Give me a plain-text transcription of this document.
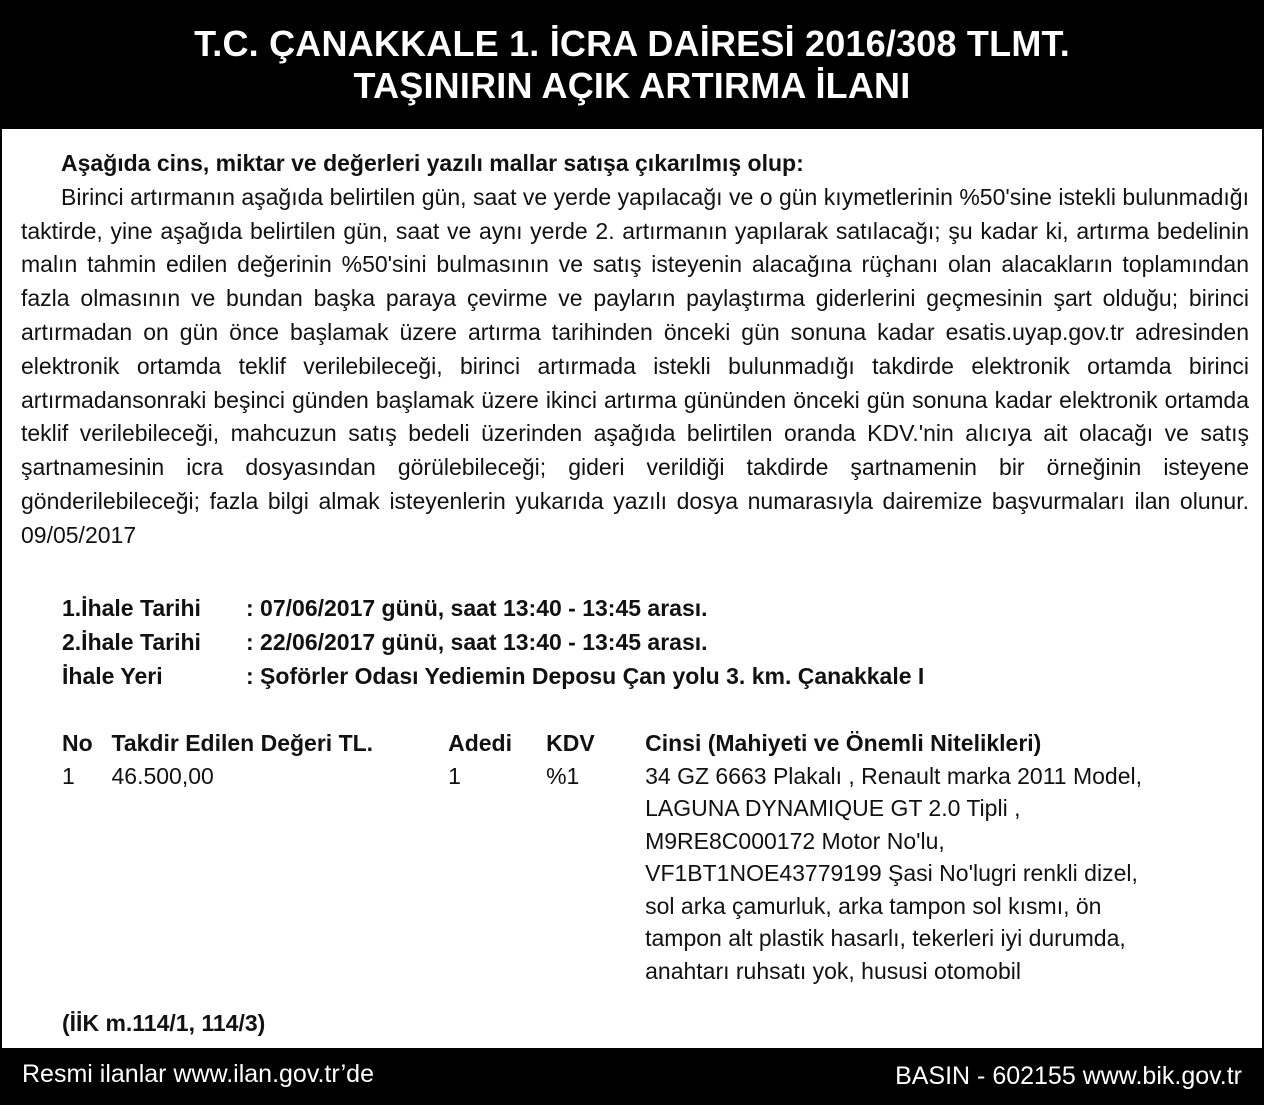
T.C. ÇANAKKALE 1. İCRA DAİRESİ 2016/308 TLMT.
TAŞINIRIN AÇIK ARTIRMA İLANI

Aşağıda cins, miktar ve değerleri yazılı mallar satışa çıkarılmış olup:

Birinci artırmanın aşağıda belirtilen gün, saat ve yerde yapılacağı ve o gün kıymetlerinin %50'sine istekli bulunmadığı taktirde, yine aşağıda belirtilen gün, saat ve aynı yerde 2. artırmanın yapılarak satılacağı; şu kadar ki, artırma bedelinin malın tahmin edilen değerinin %50'sini bulmasının ve satış isteyenin alacağına rüçhanı olan alacakların toplamından fazla olmasının ve bundan başka paraya çevirme ve payların paylaştırma giderlerini geçmesinin şart olduğu; birinci artırmadan on gün önce başlamak üzere artırma tarihinden önceki gün sonuna kadar esatis.uyap.gov.tr adresinden elektronik ortamda teklif verilebileceği, birinci artırmada istekli bulunmadığı takdirde elektronik ortamda birinci artırmadansonraki beşinci günden başlamak üzere ikinci artırma gününden önceki gün sonuna kadar elektronik ortamda teklif verilebileceği, mahcuzun satış bedeli üzerinden aşağıda belirtilen oranda KDV.'nin alıcıya ait olacağı ve satış şartnamesinin icra dosyasından görülebileceği; gideri verildiği takdirde şartnamenin bir örneğinin isteyene gönderilebileceği; fazla bilgi almak isteyenlerin yukarıda yazılı dosya numarasıyla dairemize başvurmaları ilan olunur. 09/05/2017

1.İhale Tarihi	: 07/06/2017 günü, saat 13:40 - 13:45 arası.
2.İhale Tarihi	: 22/06/2017 günü, saat 13:40 - 13:45 arası.
İhale Yeri	: Şoförler Odası Yediemin Deposu Çan yolu 3. km. Çanakkale I
No Takdir Edilen Değeri TL.	Adedi	KDV	Cinsi (Mahiyeti ve Önemli Nitelikleri)
1	46.500,00	1	%1	34 GZ 6663 Plakalı , Renault marka 2011 Model,
LAGUNA DYNAMIQUE GT 2.0 Tipli ,
M9RE8C000172 Motor No'lu,
VF1BT1NOE43779199 Şasi No'lugri renkli dizel,
sol arka çamurluk, arka tampon sol kısmı, ön
tampon alt plastik hasarlı, tekerleri iyi durumda,
anahtarı ruhsatı yok, hususi otomobil
(İİK m.114/1, 114/3)
Resmi ilanlar www.ilan.gov.tr’de	BASIN - 602155 www.bik.gov.tr
